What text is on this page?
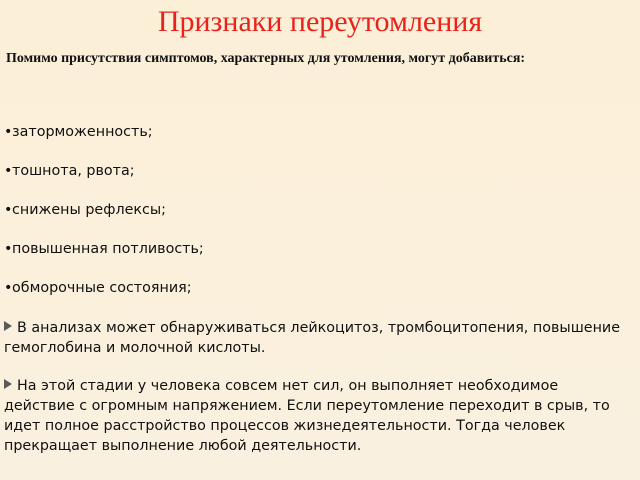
Признаки переутомления
Помимо присутствия симптомов, характерных для утомления, могут добавиться:
•заторможенность;
•тошнота, рвота;
•снижены рефлексы;
•повышенная потливость;
•обморочные состояния;
В анализах может обнаруживаться лейкоцитоз, тромбоцитопения, повышение гемоглобина и молочной кислоты.
На этой стадии у человека совсем нет сил, он выполняет необходимое действие с огромным напряжением. Если переутомление переходит в срыв, то идет полное расстройство процессов жизнедеятельности. Тогда человек прекращает выполнение любой деятельности.
